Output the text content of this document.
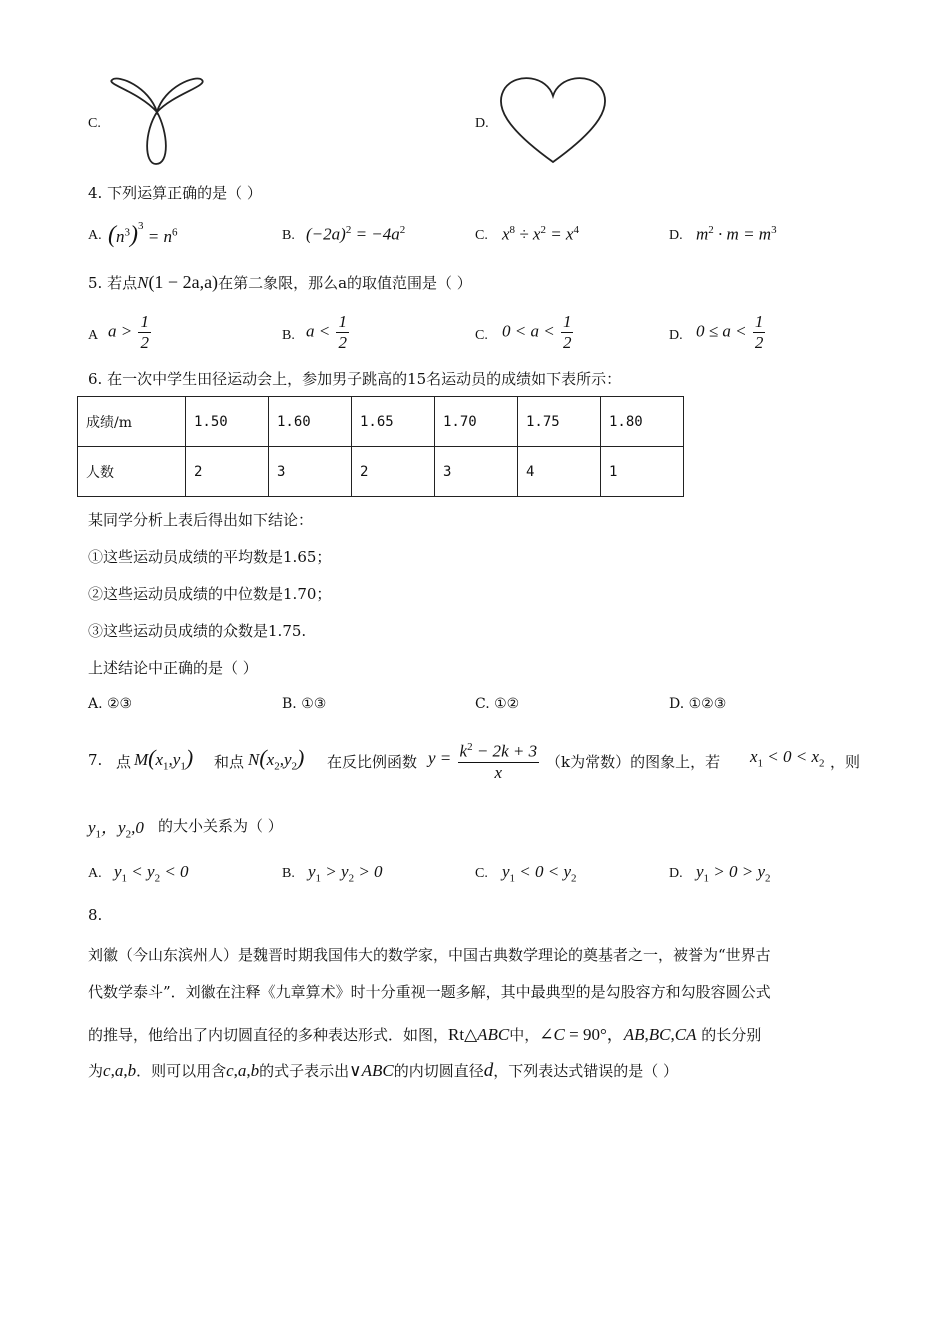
C.	D.
4. 下列运算正确的是（ ）
A. $(n^3)^3 = n^6$	B. $(-2a)^2 = -4a^2$	C. $x^8 \div x^2 = x^4$	D. $m^2 \cdot m = m^3$
5. 若点N(1 − 2a,a)在第二象限，那么a的取值范围是（ ）
A $a > \frac{1}{2}$	B. $a < \frac{1}{2}$	C. $0 < a < \frac{1}{2}$	D. $0 \le a < \frac{1}{2}$
6. 在一次中学生田径运动会上，参加男子跳高的15名运动员的成绩如下表所示：
成绩/m	1.50	1.60	1.65	1.70	1.75	1.80
人数	2	3	2	3	4	1
某同学分析上表后得出如下结论：
①这些运动员成绩的平均数是1.65；
②这些运动员成绩的中位数是1.70；
③这些运动员成绩的众数是1.75.
上述结论中正确的是（ ）
A. ②③	B. ①③	C. ①②	D. ①②③
7. 点 $M(x_1,y_1)$ 和点 $N(x_2,y_2)$ 在反比例函数 $y = \frac{k^2 - 2k + 3}{x} (k$为常数）的图象上，若 $x_1 < 0 < x_2$ ，则
$y_1$，$y_2,0$ 的大小关系为（ ）
A. $y_1 < y_2 < 0$	B. $y_1 > y_2 > 0$	C. $y_1 < 0 < y_2$	D. $y_1 > 0 > y_2$
8.
刘徽（今山东滨州人）是魏晋时期我国伟大的数学家，中国古典数学理论的奠基者之一，被誉为“世界古
代数学泰斗”．刘徽在注释《九章算术》时十分重视一题多解，其中最典型的是勾股容方和勾股容圆公式
的推导，他给出了内切圆直径的多种表达形式．如图，Rt△ABC中，∠C = 90°，AB,BC,CA 的长分别
为c,a,b．则可以用含c,a,b的式子表示出∨ABC的内切圆直径d，下列表达式错误的是（ ）
